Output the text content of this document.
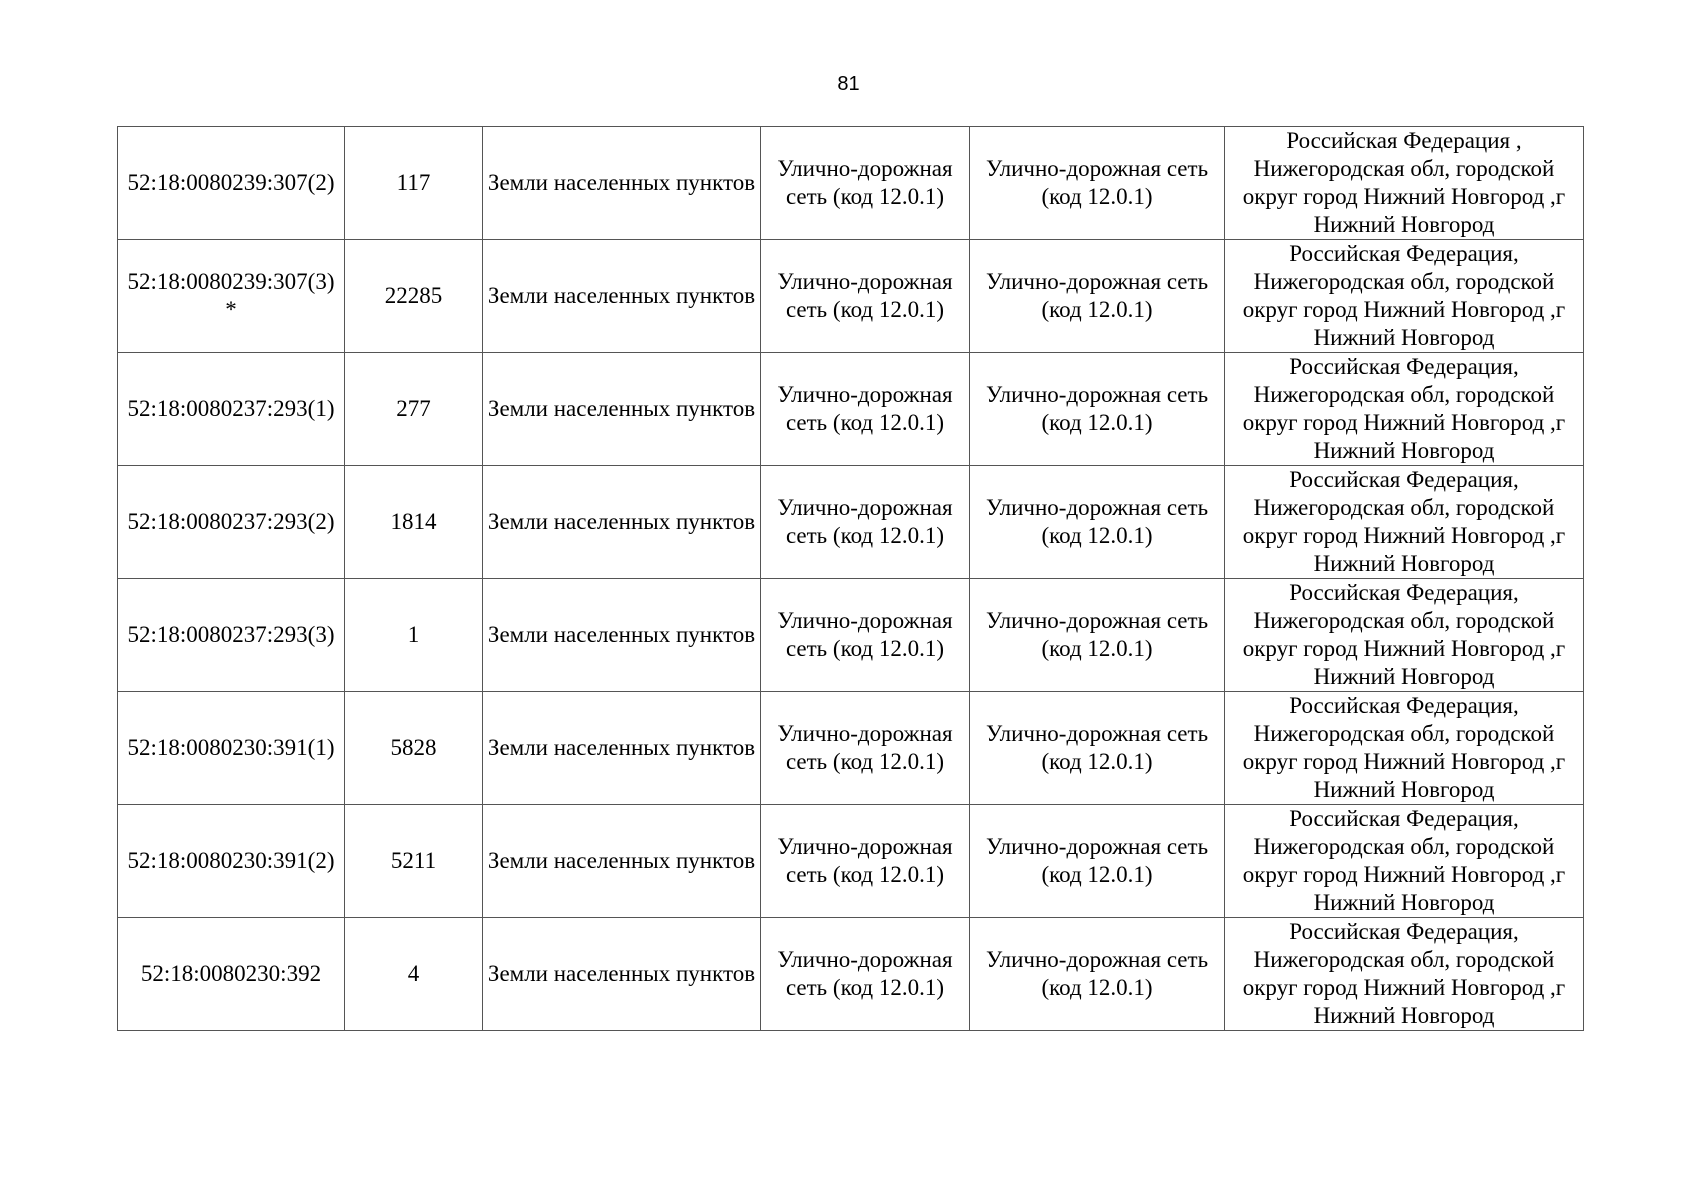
81
52:18:0080239:307(2)	117	Земли населенных пунктов	Улично-дорожная сеть (код 12.0.1)	Улично-дорожная сеть (код 12.0.1)	Российская Федерация ,
Нижегородская обл, городской
округ город Нижний Новгород ,г
Нижний Новгород

52:18:0080239:307(3)
*	22285	Земли населенных пунктов	Улично-дорожная сеть (код 12.0.1)	Улично-дорожная сеть (код 12.0.1)	Российская Федерация,
Нижегородская обл, городской
округ город Нижний Новгород ,г
Нижний Новгород

52:18:0080237:293(1)	277	Земли населенных пунктов	Улично-дорожная сеть (код 12.0.1)	Улично-дорожная сеть (код 12.0.1)	Российская Федерация,
Нижегородская обл, городской
округ город Нижний Новгород ,г
Нижний Новгород

52:18:0080237:293(2)	1814	Земли населенных пунктов	Улично-дорожная сеть (код 12.0.1)	Улично-дорожная сеть (код 12.0.1)	Российская Федерация,
Нижегородская обл, городской
округ город Нижний Новгород ,г
Нижний Новгород

52:18:0080237:293(3)	1	Земли населенных пунктов	Улично-дорожная сеть (код 12.0.1)	Улично-дорожная сеть (код 12.0.1)	Российская Федерация,
Нижегородская обл, городской
округ город Нижний Новгород ,г
Нижний Новгород

52:18:0080230:391(1)	5828	Земли населенных пунктов	Улично-дорожная сеть (код 12.0.1)	Улично-дорожная сеть (код 12.0.1)	Российская Федерация,
Нижегородская обл, городской
округ город Нижний Новгород ,г
Нижний Новгород

52:18:0080230:391(2)	5211	Земли населенных пунктов	Улично-дорожная сеть (код 12.0.1)	Улично-дорожная сеть (код 12.0.1)	Российская Федерация,
Нижегородская обл, городской
округ город Нижний Новгород ,г
Нижний Новгород

52:18:0080230:392	4	Земли населенных пунктов	Улично-дорожная сеть (код 12.0.1)	Улично-дорожная сеть (код 12.0.1)	Российская Федерация,
Нижегородская обл, городской
округ город Нижний Новгород ,г
Нижний Новгород
